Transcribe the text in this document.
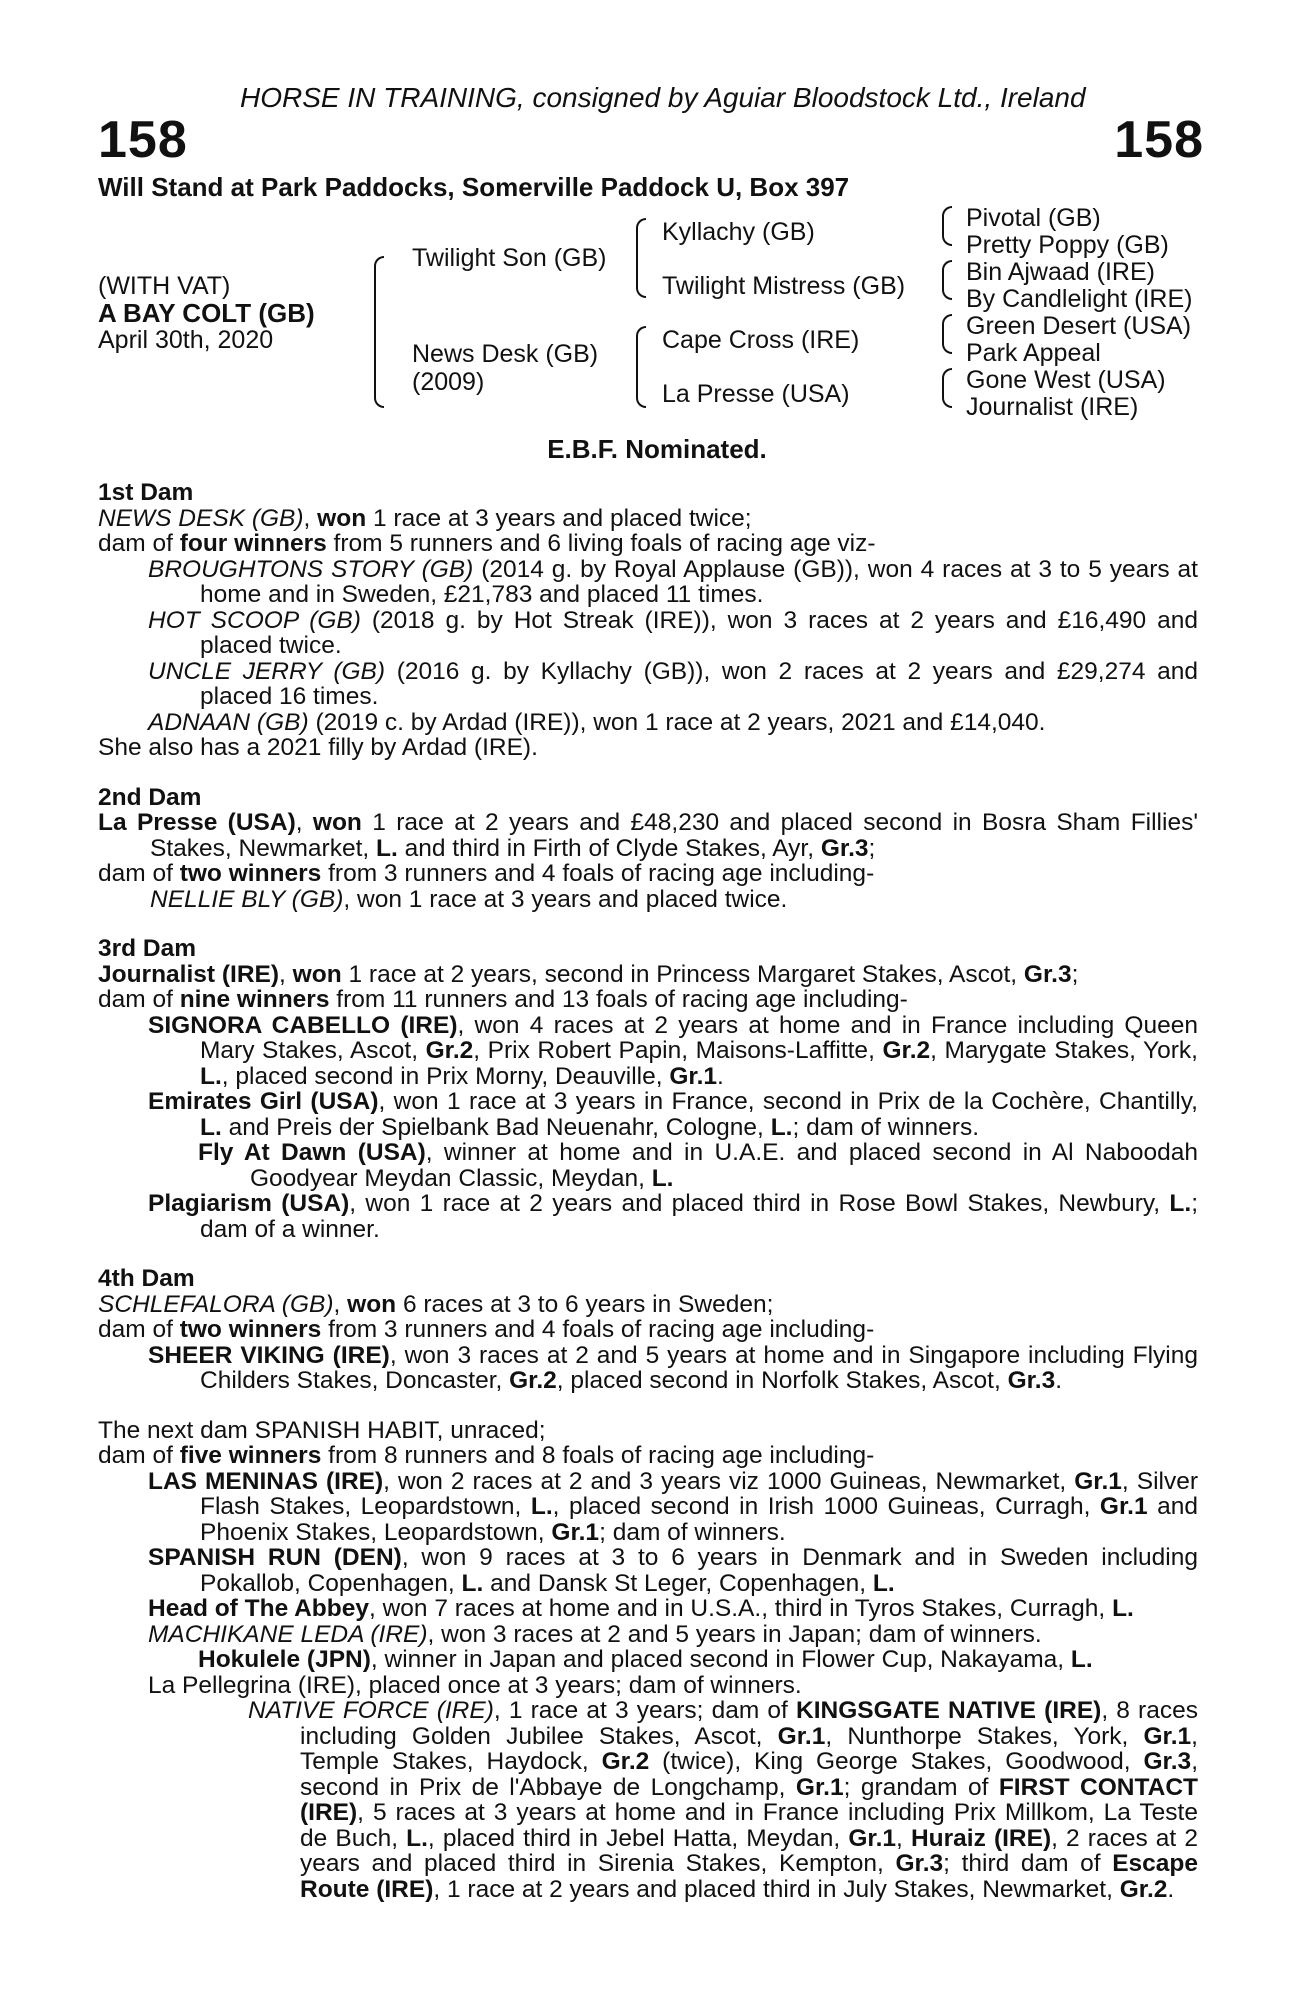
HORSE IN TRAINING, consigned by Aguiar Bloodstock Ltd., Ireland
158	158
Will Stand at Park Paddocks, Somerville Paddock U, Box 397
(WITH VAT)
A BAY COLT (GB)
April 30th, 2020
Twilight Son (GB)
News Desk (GB)
(2009)
Kyllachy (GB)
Twilight Mistress (GB)
Cape Cross (IRE)
La Presse (USA)
Pivotal (GB)
Pretty Poppy (GB)
Bin Ajwaad (IRE)
By Candlelight (IRE)
Green Desert (USA)
Park Appeal
Gone West (USA)
Journalist (IRE)
E.B.F. Nominated.
1st Dam
NEWS DESK (GB), won 1 race at 3 years and placed twice;
dam of four winners from 5 runners and 6 living foals of racing age viz-
BROUGHTONS STORY (GB) (2014 g. by Royal Applause (GB)), won 4 races at 3 to 5 years at home and in Sweden, £21,783 and placed 11 times.
HOT SCOOP (GB) (2018 g. by Hot Streak (IRE)), won 3 races at 2 years and £16,490 and placed twice.
UNCLE JERRY (GB) (2016 g. by Kyllachy (GB)), won 2 races at 2 years and £29,274 and placed 16 times.
ADNAAN (GB) (2019 c. by Ardad (IRE)), won 1 race at 2 years, 2021 and £14,040.
She also has a 2021 filly by Ardad (IRE).
2nd Dam
La Presse (USA), won 1 race at 2 years and £48,230 and placed second in Bosra Sham Fillies' Stakes, Newmarket, L. and third in Firth of Clyde Stakes, Ayr, Gr.3;
dam of two winners from 3 runners and 4 foals of racing age including-
NELLIE BLY (GB), won 1 race at 3 years and placed twice.
3rd Dam
Journalist (IRE), won 1 race at 2 years, second in Princess Margaret Stakes, Ascot, Gr.3;
dam of nine winners from 11 runners and 13 foals of racing age including-
SIGNORA CABELLO (IRE), won 4 races at 2 years at home and in France including Queen Mary Stakes, Ascot, Gr.2, Prix Robert Papin, Maisons-Laffitte, Gr.2, Marygate Stakes, York, L., placed second in Prix Morny, Deauville, Gr.1.
Emirates Girl (USA), won 1 race at 3 years in France, second in Prix de la Cochère, Chantilly, L. and Preis der Spielbank Bad Neuenahr, Cologne, L.; dam of winners.
Fly At Dawn (USA), winner at home and in U.A.E. and placed second in Al Naboodah Goodyear Meydan Classic, Meydan, L.
Plagiarism (USA), won 1 race at 2 years and placed third in Rose Bowl Stakes, Newbury, L.; dam of a winner.
4th Dam
SCHLEFALORA (GB), won 6 races at 3 to 6 years in Sweden;
dam of two winners from 3 runners and 4 foals of racing age including-
SHEER VIKING (IRE), won 3 races at 2 and 5 years at home and in Singapore including Flying Childers Stakes, Doncaster, Gr.2, placed second in Norfolk Stakes, Ascot, Gr.3.
The next dam SPANISH HABIT, unraced;
dam of five winners from 8 runners and 8 foals of racing age including-
LAS MENINAS (IRE), won 2 races at 2 and 3 years viz 1000 Guineas, Newmarket, Gr.1, Silver Flash Stakes, Leopardstown, L., placed second in Irish 1000 Guineas, Curragh, Gr.1 and Phoenix Stakes, Leopardstown, Gr.1; dam of winners.
SPANISH RUN (DEN), won 9 races at 3 to 6 years in Denmark and in Sweden including Pokallob, Copenhagen, L. and Dansk St Leger, Copenhagen, L.
Head of The Abbey, won 7 races at home and in U.S.A., third in Tyros Stakes, Curragh, L.
MACHIKANE LEDA (IRE), won 3 races at 2 and 5 years in Japan; dam of winners.
Hokulele (JPN), winner in Japan and placed second in Flower Cup, Nakayama, L.
La Pellegrina (IRE), placed once at 3 years; dam of winners.
NATIVE FORCE (IRE), 1 race at 3 years; dam of KINGSGATE NATIVE (IRE), 8 races including Golden Jubilee Stakes, Ascot, Gr.1, Nunthorpe Stakes, York, Gr.1, Temple Stakes, Haydock, Gr.2 (twice), King George Stakes, Goodwood, Gr.3, second in Prix de l'Abbaye de Longchamp, Gr.1; grandam of FIRST CONTACT (IRE), 5 races at 3 years at home and in France including Prix Millkom, La Teste de Buch, L., placed third in Jebel Hatta, Meydan, Gr.1, Huraiz (IRE), 2 races at 2 years and placed third in Sirenia Stakes, Kempton, Gr.3; third dam of Escape Route (IRE), 1 race at 2 years and placed third in July Stakes, Newmarket, Gr.2.
